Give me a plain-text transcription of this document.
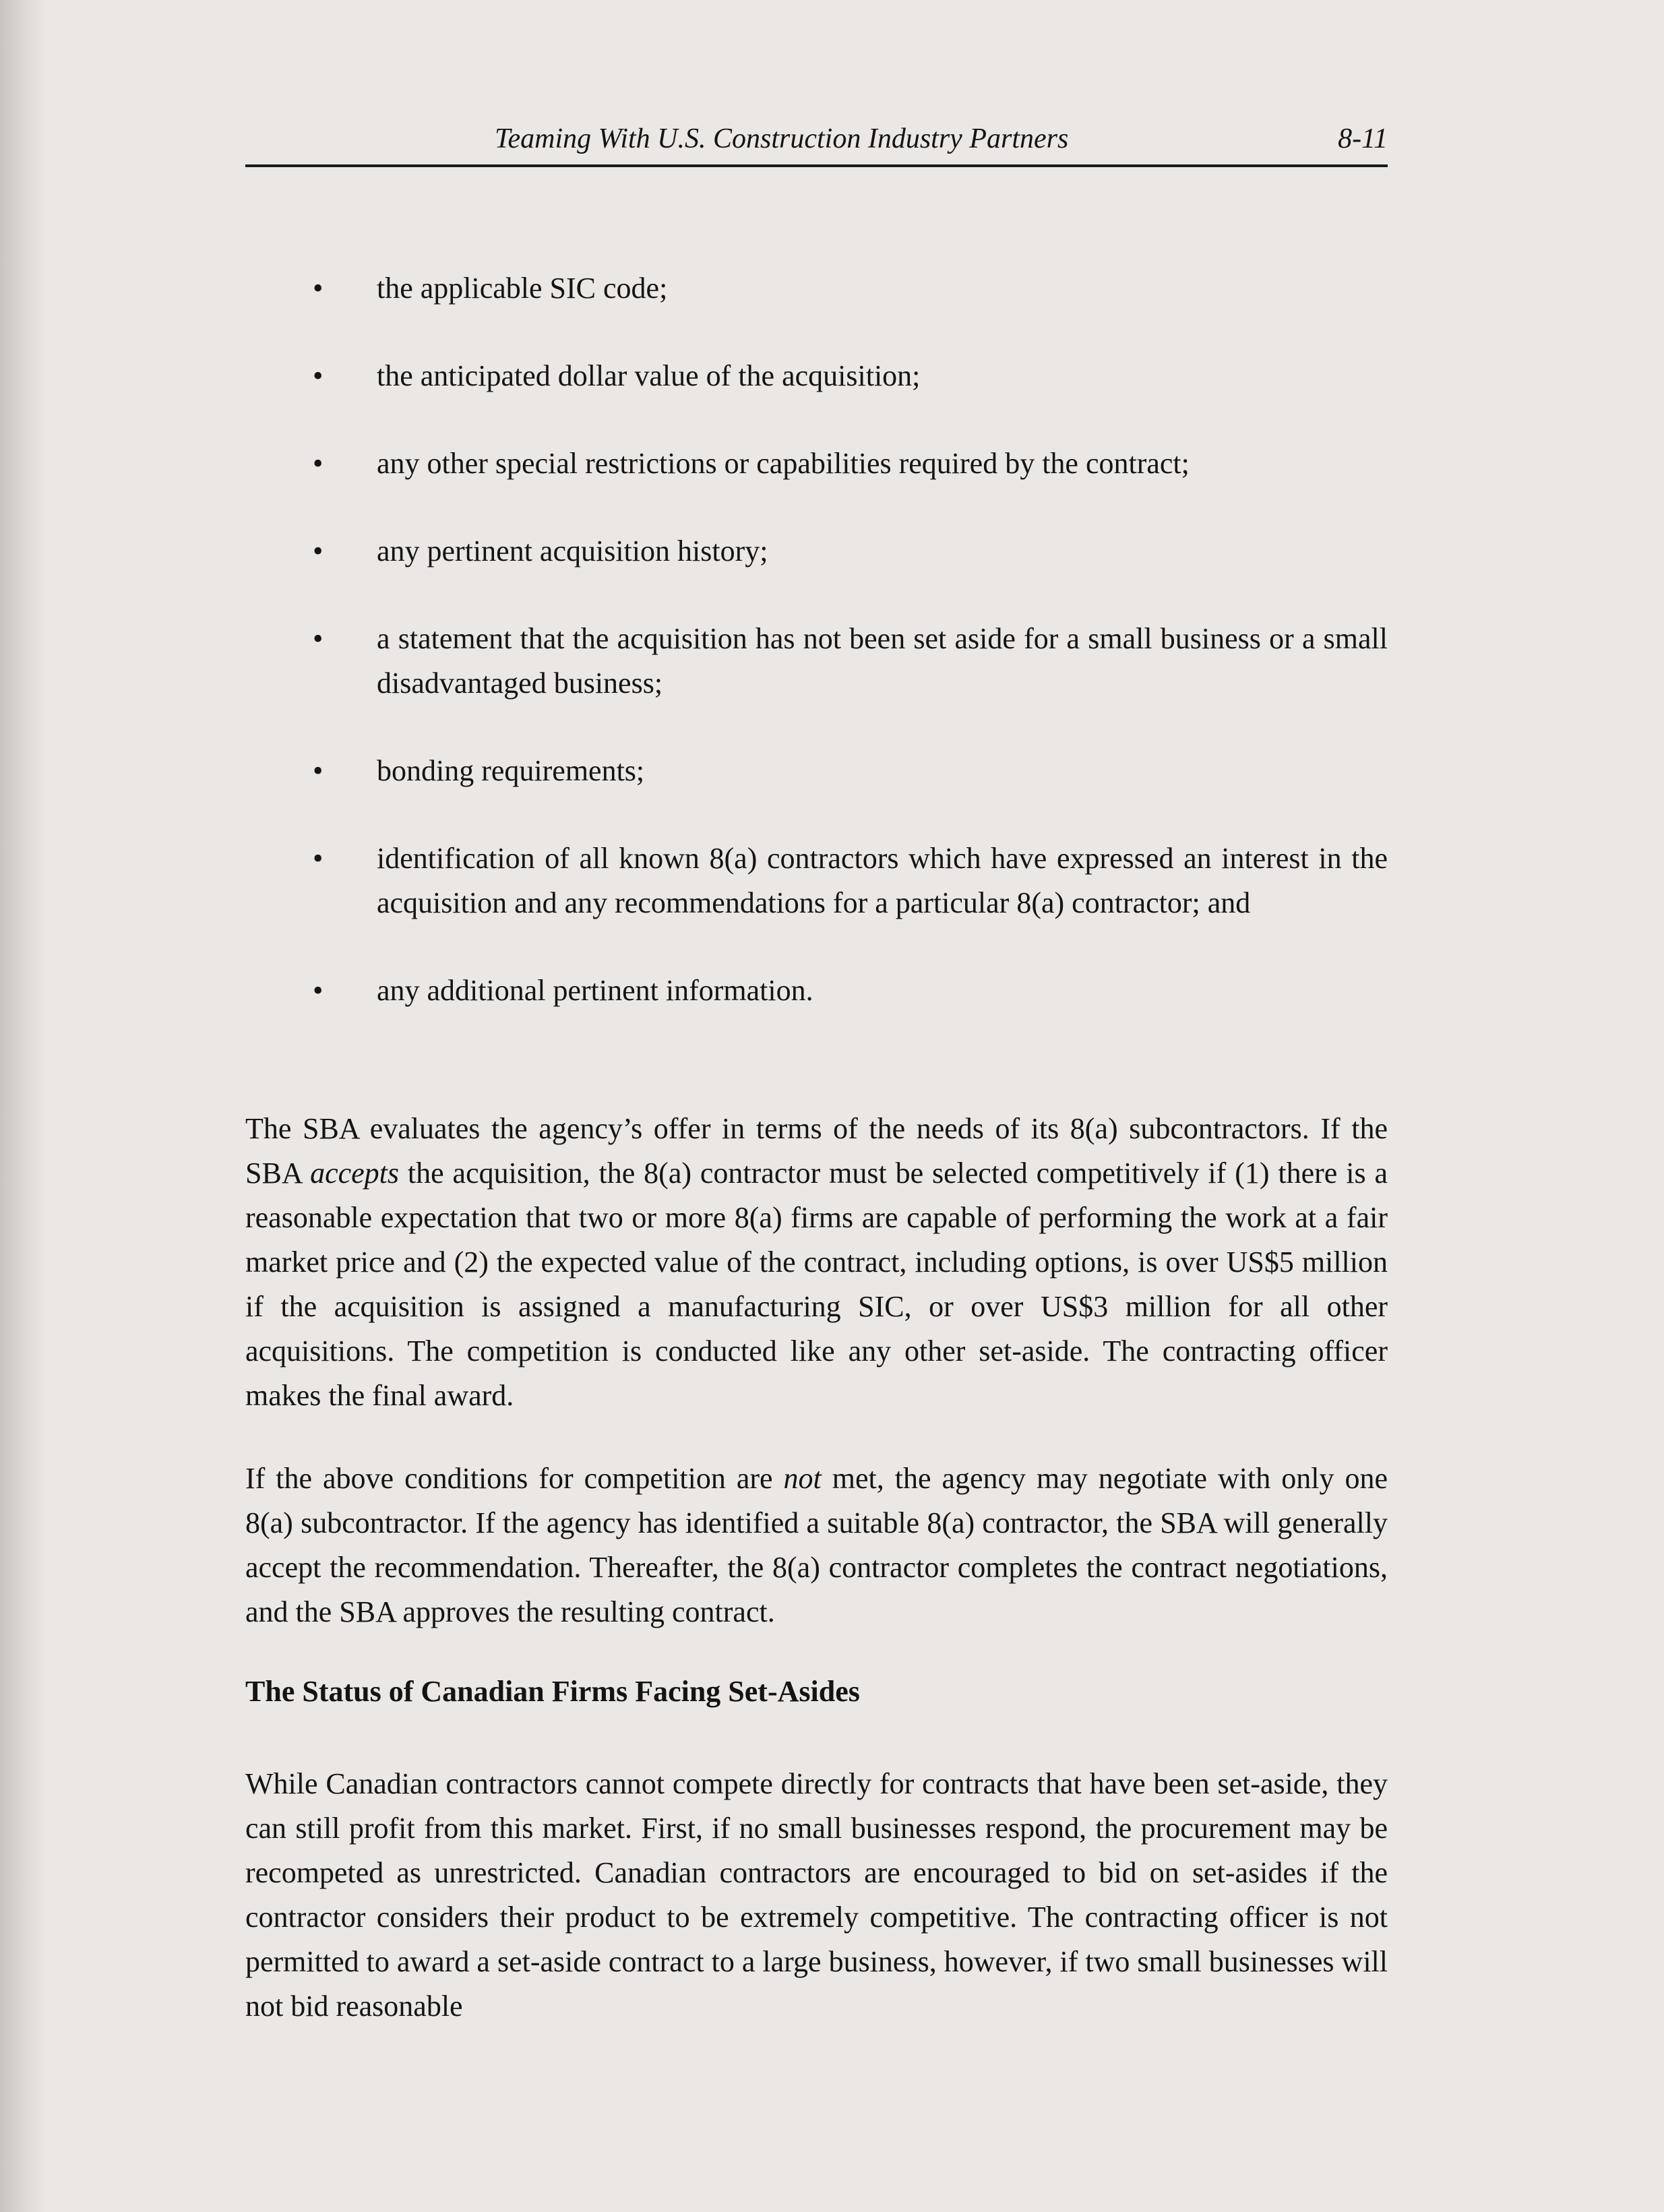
Teaming With U.S. Construction Industry Partners	8-11
• the applicable SIC code;
• the anticipated dollar value of the acquisition;
• any other special restrictions or capabilities required by the contract;
• any pertinent acquisition history;
• a statement that the acquisition has not been set aside for a small business or a small disadvantaged business;
• bonding requirements;
• identification of all known 8(a) contractors which have expressed an interest in the acquisition and any recommendations for a particular 8(a) contractor; and
• any additional pertinent information.

The SBA evaluates the agency’s offer in terms of the needs of its 8(a) subcontractors. If the SBA accepts the acquisition, the 8(a) contractor must be selected competitively if (1) there is a reasonable expectation that two or more 8(a) firms are capable of performing the work at a fair market price and (2) the expected value of the contract, including options, is over US$5 million if the acquisition is assigned a manufacturing SIC, or over US$3 million for all other acquisitions. The competition is conducted like any other set-aside. The contracting officer makes the final award.

If the above conditions for competition are not met, the agency may negotiate with only one 8(a) subcontractor. If the agency has identified a suitable 8(a) contractor, the SBA will generally accept the recommendation. Thereafter, the 8(a) contractor completes the contract negotiations, and the SBA approves the resulting contract.

The Status of Canadian Firms Facing Set-Asides

While Canadian contractors cannot compete directly for contracts that have been set-aside, they can still profit from this market. First, if no small businesses respond, the procurement may be recompeted as unrestricted. Canadian contractors are encouraged to bid on set-asides if the contractor considers their product to be extremely competitive. The contracting officer is not permitted to award a set-aside contract to a large business, however, if two small businesses will not bid reasonable
